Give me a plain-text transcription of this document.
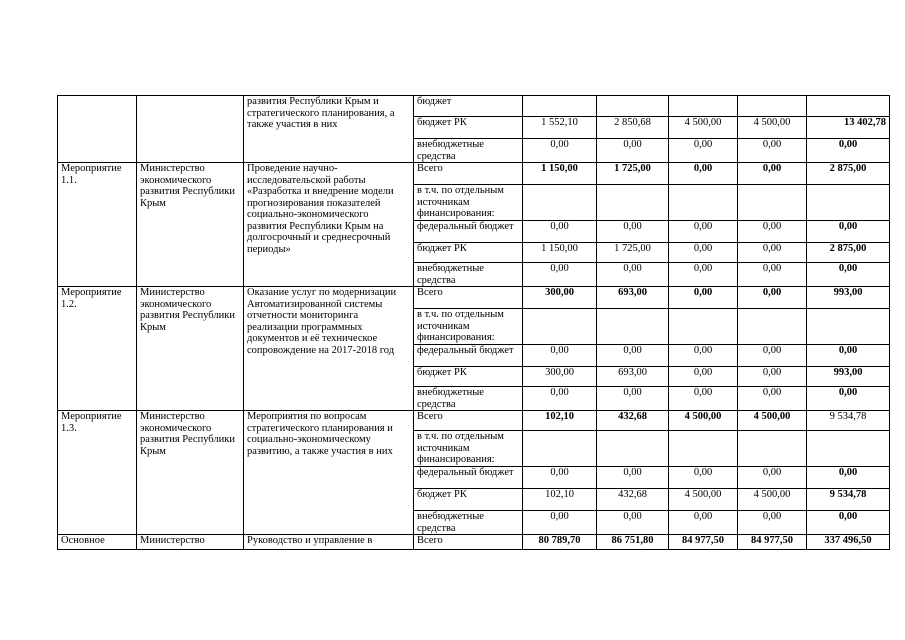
		развития Республики Крым и стратегического планирования, а также участия в них	бюджет					
			бюджет РК	1 552,10	2 850,68	4 500,00	4 500,00	13 402,78
			внебюджетные средства	0,00	0,00	0,00	0,00	0,00
Мероприятие 1.1.	Министерство экономического развития Республики Крым	Проведение научно-исследовательской работы «Разработка и внедрение модели прогнозирования показателей социально-экономического развития Республики Крым на долгосрочный и среднесрочный периоды»	Всего	1 150,00	1 725,00	0,00	0,00	2 875,00
			в т.ч. по отдельным источникам финансирования:					
			федеральный бюджет	0,00	0,00	0,00	0,00	0,00
			бюджет РК	1 150,00	1 725,00	0,00	0,00	2 875,00
			внебюджетные средства	0,00	0,00	0,00	0,00	0,00
Мероприятие 1.2.	Министерство экономического развития Республики Крым	Оказание услуг по модернизации Автоматизированной системы отчетности мониторинга реализации программных документов и её техническое сопровождение на 2017-2018 год	Всего	300,00	693,00	0,00	0,00	993,00
			в т.ч. по отдельным источникам финансирования:					
			федеральный бюджет	0,00	0,00	0,00	0,00	0,00
			бюджет РК	300,00	693,00	0,00	0,00	993,00
			внебюджетные средства	0,00	0,00	0,00	0,00	0,00
Мероприятие 1.3.	Министерство экономического развития Республики Крым	Мероприятия по вопросам стратегического планирования и социально-экономическому развитию, а также участия в них	Всего	102,10	432,68	4 500,00	4 500,00	9 534,78
			в т.ч. по отдельным источникам финансирования:					
			федеральный бюджет	0,00	0,00	0,00	0,00	0,00
			бюджет РК	102,10	432,68	4 500,00	4 500,00	9 534,78
			внебюджетные средства	0,00	0,00	0,00	0,00	0,00
Основное	Министерство	Руководство и управление в	Всего	80 789,70	86 751,80	84 977,50	84 977,50	337 496,50
